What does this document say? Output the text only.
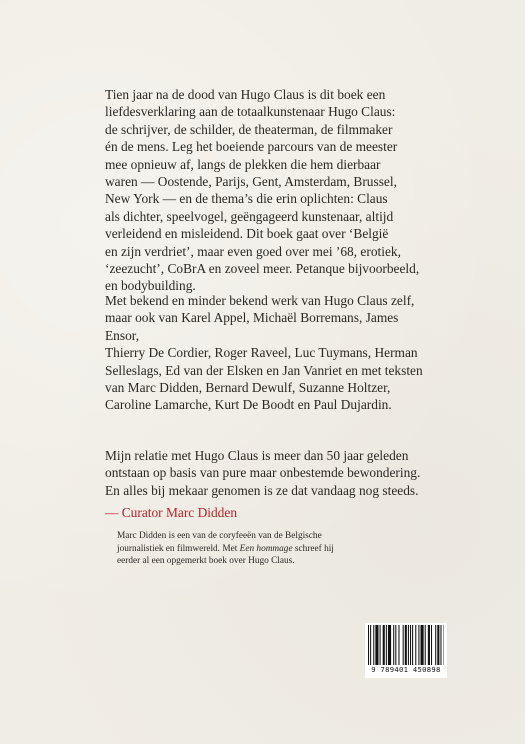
Tien jaar na de dood van Hugo Claus is dit boek een
liefdesverklaring aan de totaalkunstenaar Hugo Claus:
de schrijver, de schilder, de theaterman, de filmmaker
én de mens. Leg het boeiende parcours van de meester
mee opnieuw af, langs de plekken die hem dierbaar
waren — Oostende, Parijs, Gent, Amsterdam, Brussel,
New York — en de thema’s die erin oplichten: Claus
als dichter, speelvogel, geëngageerd kunstenaar, altijd
verleidend en misleidend. Dit boek gaat over ‘België
en zijn verdriet’, maar even goed over mei ’68, erotiek,
‘zeezucht’, CoBrA en zoveel meer. Petanque bijvoorbeeld,
en bodybuilding.
Met bekend en minder bekend werk van Hugo Claus zelf,
maar ook van Karel Appel, Michaël Borremans, James Ensor,
Thierry De Cordier, Roger Raveel, Luc Tuymans, Herman
Selleslags, Ed van der Elsken en Jan Vanriet en met teksten
van Marc Didden, Bernard Dewulf, Suzanne Holtzer,
Caroline Lamarche, Kurt De Boodt en Paul Dujardin.
Mijn relatie met Hugo Claus is meer dan 50 jaar geleden
ontstaan op basis van pure maar onbestemde bewondering.
En alles bij mekaar genomen is ze dat vandaag nog steeds.
— Curator Marc Didden
Marc Didden is een van de coryfeeën van de Belgische
journalistiek en filmwereld. Met Een hommage schreef hij
eerder al een opgemerkt boek over Hugo Claus.
9 789401 450898
